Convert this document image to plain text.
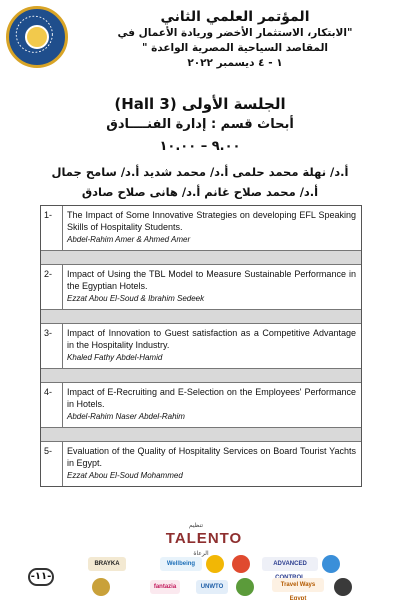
المؤتمر العلمي الثاني
"الابتكار، الاستثمار الأخضر وريادة الأعمال في
المقاصد السياحية المصرية الواعدة "
١ - ٤ ديسمبر ٢٠٢٢
الجلسة الأولى (Hall 3)
أبحاث قسم : إدارة الفنــــادق
٩.٠٠ – ١٠.٠٠
أ.د/ نهلة محمد حلمى أ.د/ محمد شديد أ.د/ سامح جمال
أ.د/ محمد صلاح غانم أ.د/ هانى صلاح صادق
1-	The Impact of Some Innovative Strategies on developing EFL Speaking Skills of Hospitality Students.
Abdel-Rahim Amer & Ahmed Amer
2-	Impact of Using the TBL Model to Measure Sustainable Performance in the Egyptian Hotels.
Ezzat Abou El-Soud & Ibrahim Sedeek
3-	Impact of Innovation to Guest satisfaction as a Competitive Advantage in the Hospitality Industry.
Khaled Fathy Abdel-Hamid
4-	Impact of E-Recruiting and E-Selection on the Employees' Performance in Hotels.
Abdel-Rahim Naser Abdel-Rahim
5-	Evaluation of the Quality of Hospitality Services on Board Tourist Yachts in Egypt.
Ezzat Abou El-Soud Mohammed
تنظيم
TALENTO
الرعاة
BRAYKA	Wellbeing	ADVANCED
fantazia	UNWTO	Travel Ways Egypt
-١١-
